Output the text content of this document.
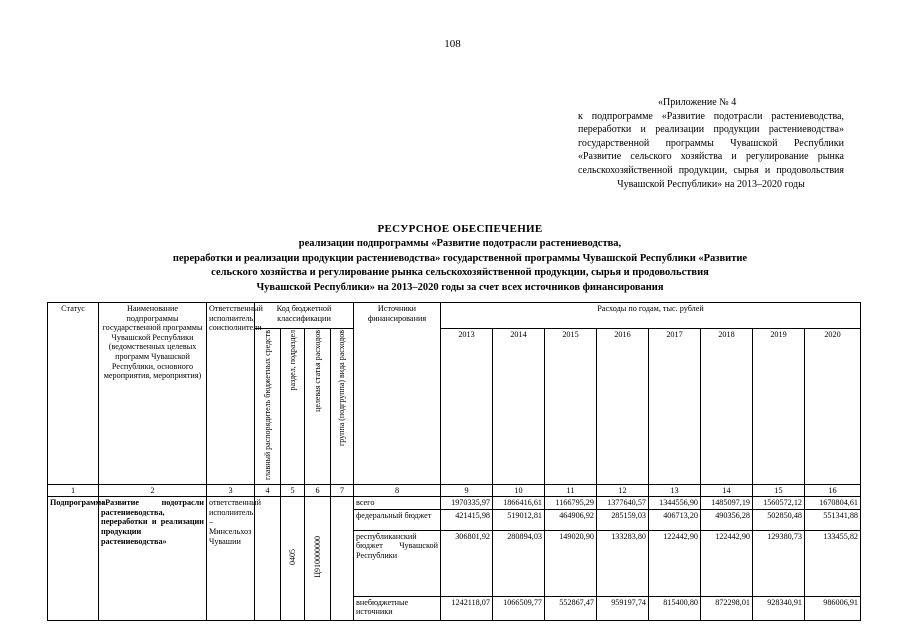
108
«Приложение № 4
к подпрограмме «Развитие подотрасли растениеводства, переработки и реализации продукции растениеводства» государственной программы Чувашской Республики «Развитие сельского хозяйства и регулирование рынка сельскохозяйственной продукции, сырья и продовольствия Чувашской Республики» на 2013–2020 годы
РЕСУРСНОЕ ОБЕСПЕЧЕНИЕ
реализации подпрограммы «Развитие подотрасли растениеводства,
переработки и реализации продукции растениеводства» государственной программы Чувашской Республики «Развитие
сельского хозяйства и регулирование рынка сельскохозяйственной продукции, сырья и продовольствия
Чувашской Республики» на 2013–2020 годы за счет всех источников финансирования
Статус	Наименование подпрограммы государственной программы Чувашской Республики (ведомственных целевых программ Чувашской Республики, основного мероприятия, мероприятия)	Ответственный исполнитель, соисполнители	Код бюджетной классификации				Источники финансирования	Расходы по годам, тыс. рублей							
			главный распорядитель бюджетных средств	раздел, подраздел	целевая статья расходов	группа (подгруппа) вида расходов		2013	2014	2015	2016	2017	2018	2019	2020

1	2	3	4	5	6	7	8	9	10	11	12	13	14	15	16
Подпрограмма	«Развитие подотрасли растениеводства, переработки и реализации продукции растениеводства»	ответственный исполнитель – Минсельхоз Чувашии		0405	Ц910000000		всего	1970335,97	1866416,61	1166795,29	1377640,57	1344556,90	1485097,19	1560572,12	1670804,61
							федеральный бюджет	421415,98	519012,81	464906,92	285159,03	406713,20	490356,28	502850,48	551341,88
							республиканский бюджет Чувашской Республики	306801,92	280894,03	149020,90	133283,80	122442,90	122442,90	129380,73	133455,82
							внебюджетные источники	1242118,07	1066509,77	552867,47	959197,74	815400,80	872298,01	928340,91	986006,91
